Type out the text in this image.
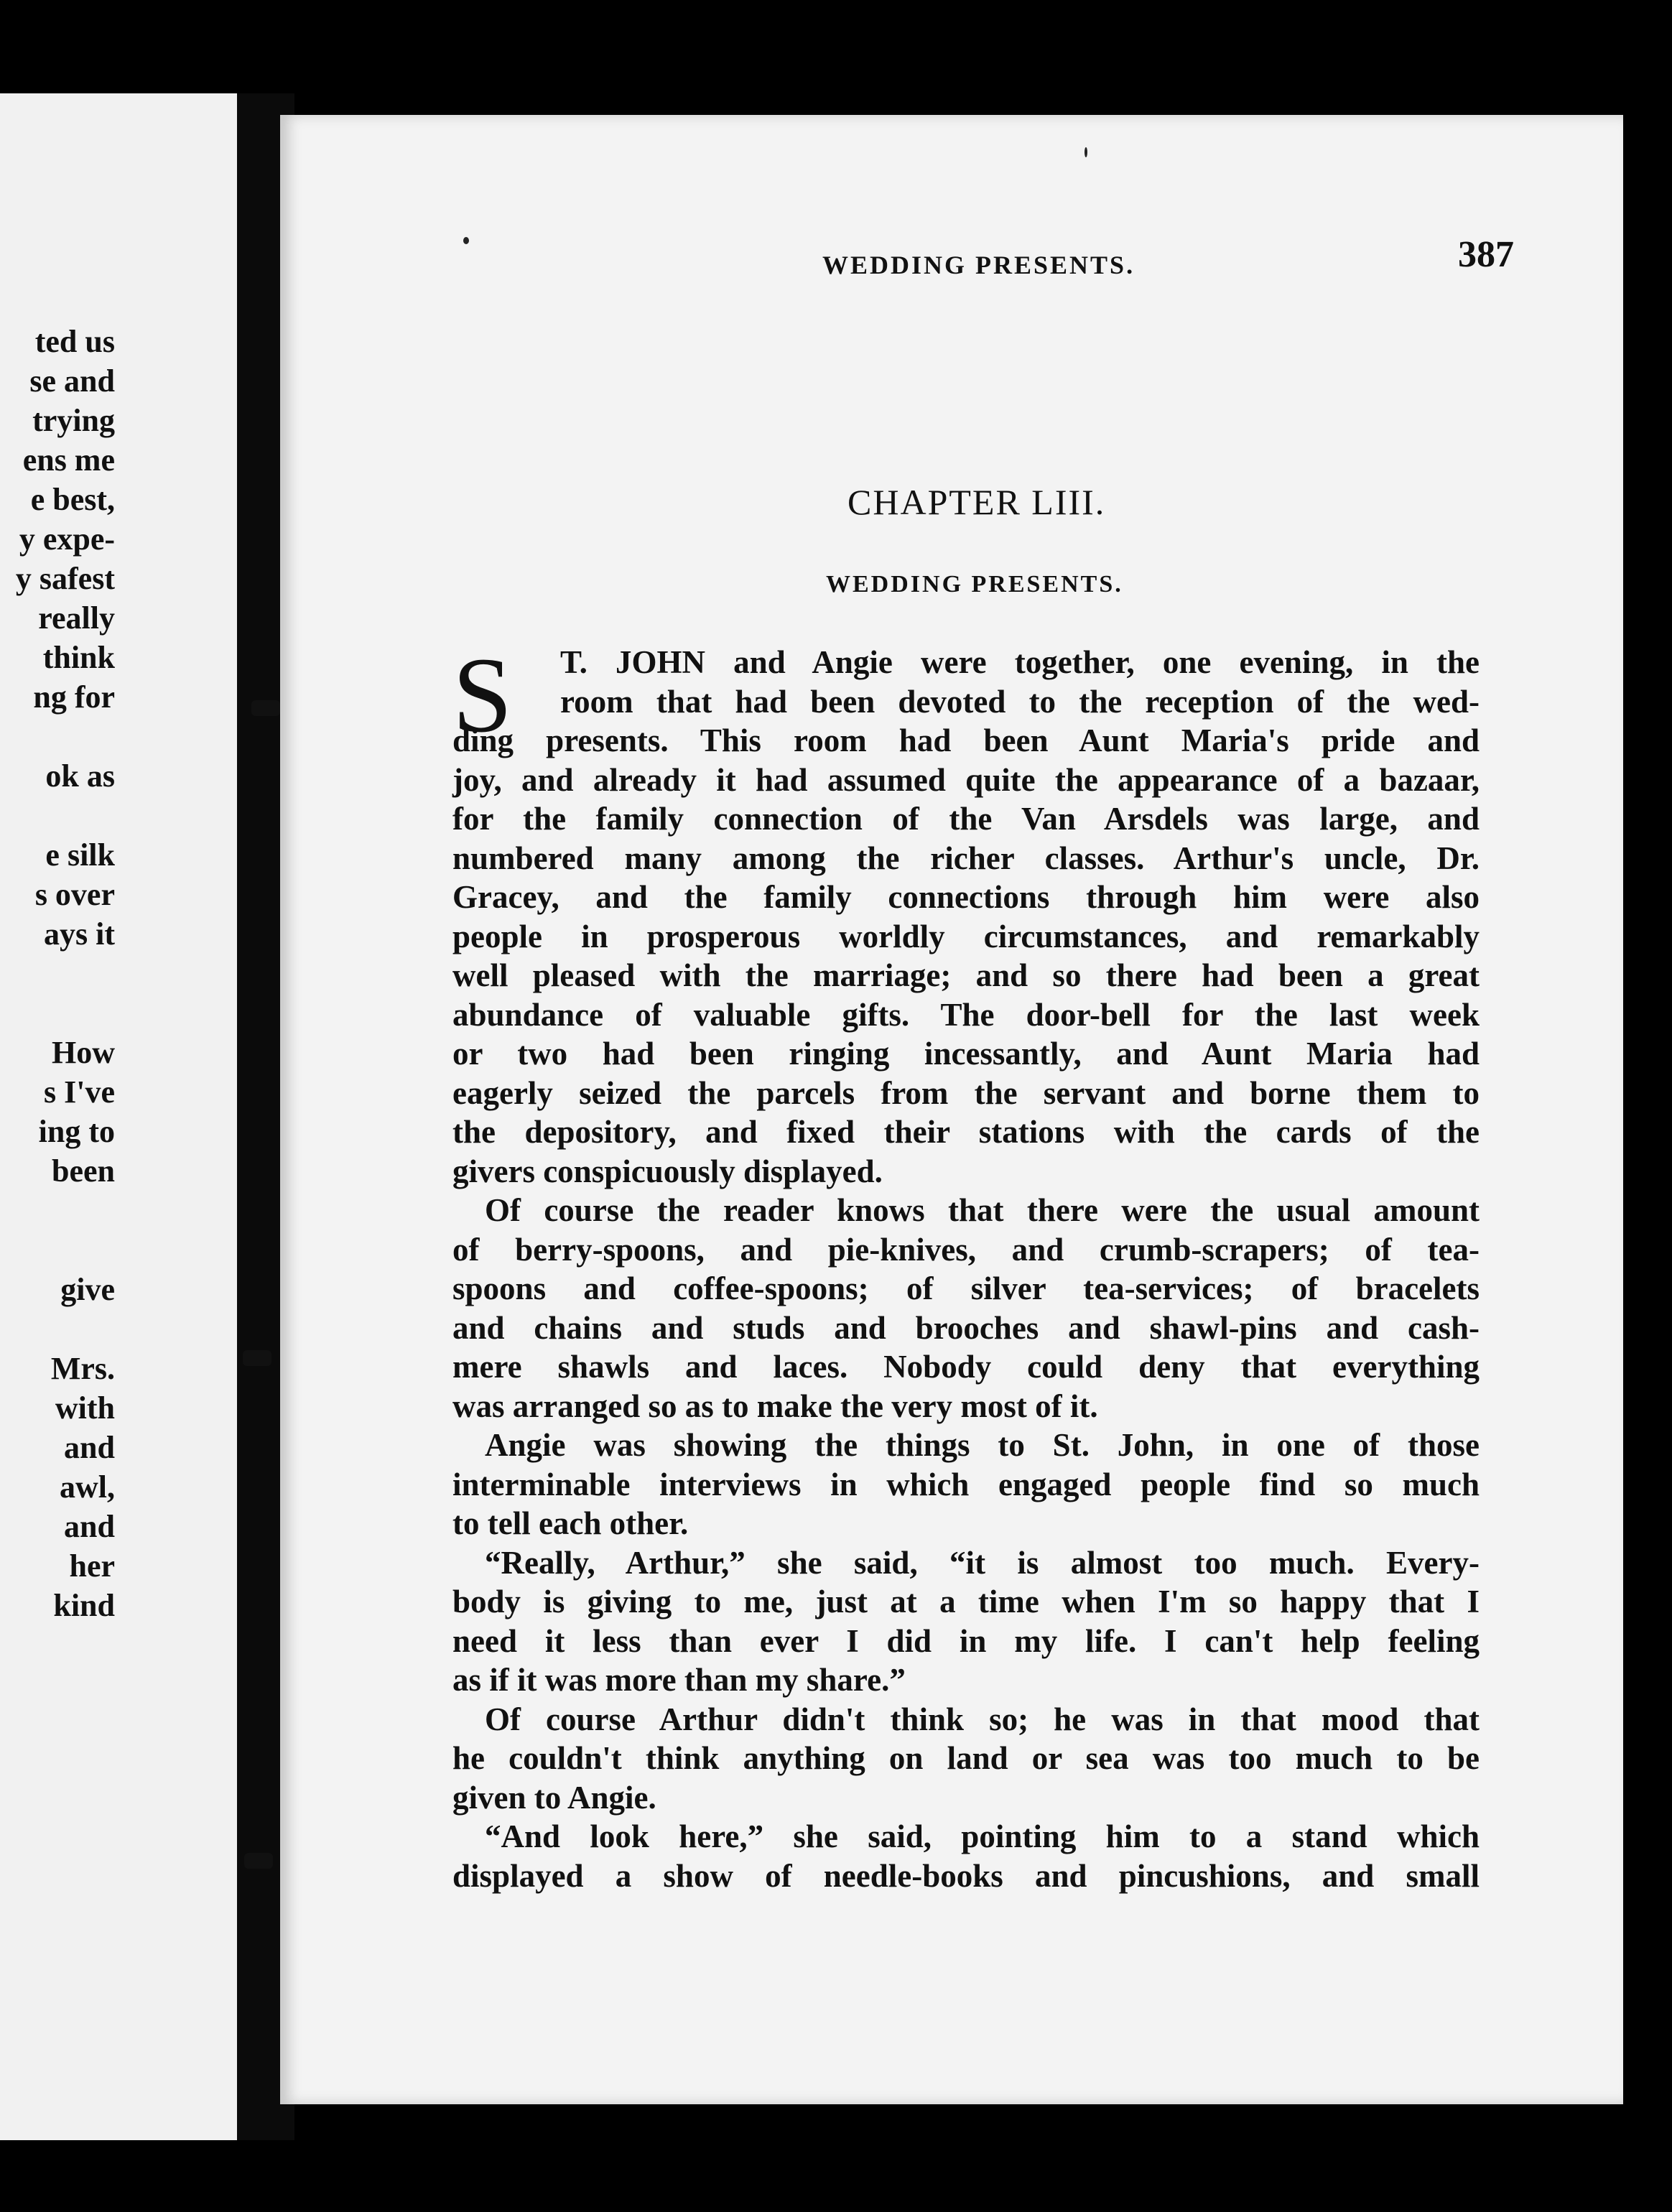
ted us
se and
trying
ens me
e best,
y expe-
y safest
really
think
ng for
ok as
e silk
s over
ays it
How
s I've
ing to
been
give
Mrs.
with
and
awl,
and
her
kind
WEDDING PRESENTS.	387
CHAPTER LIII.
WEDDING PRESENTS.
S	T. JOHN and Angie were together, one evening, in the
room that had been devoted to the reception of the wed-
ding presents. This room had been Aunt Maria's pride and
joy, and already it had assumed quite the appearance of a bazaar,
for the family connection of the Van Arsdels was large, and
numbered many among the richer classes. Arthur's uncle, Dr.
Gracey, and the family connections through him were also
people in prosperous worldly circumstances, and remarkably
well pleased with the marriage; and so there had been a great
abundance of valuable gifts. The door-bell for the last week
or two had been ringing incessantly, and Aunt Maria had
eagerly seized the parcels from the servant and borne them to
the depository, and fixed their stations with the cards of the
givers conspicuously displayed.
Of course the reader knows that there were the usual amount
of berry-spoons, and pie-knives, and crumb-scrapers; of tea-
spoons and coffee-spoons; of silver tea-services; of bracelets
and chains and studs and brooches and shawl-pins and cash-
mere shawls and laces. Nobody could deny that everything
was arranged so as to make the very most of it.
Angie was showing the things to St. John, in one of those
interminable interviews in which engaged people find so much
to tell each other.
“Really, Arthur,” she said, “it is almost too much. Every-
body is giving to me, just at a time when I'm so happy that I
need it less than ever I did in my life. I can't help feeling
as if it was more than my share.”
Of course Arthur didn't think so; he was in that mood that
he couldn't think anything on land or sea was too much to be
given to Angie.
“And look here,” she said, pointing him to a stand which
displayed a show of needle-books and pincushions, and small
